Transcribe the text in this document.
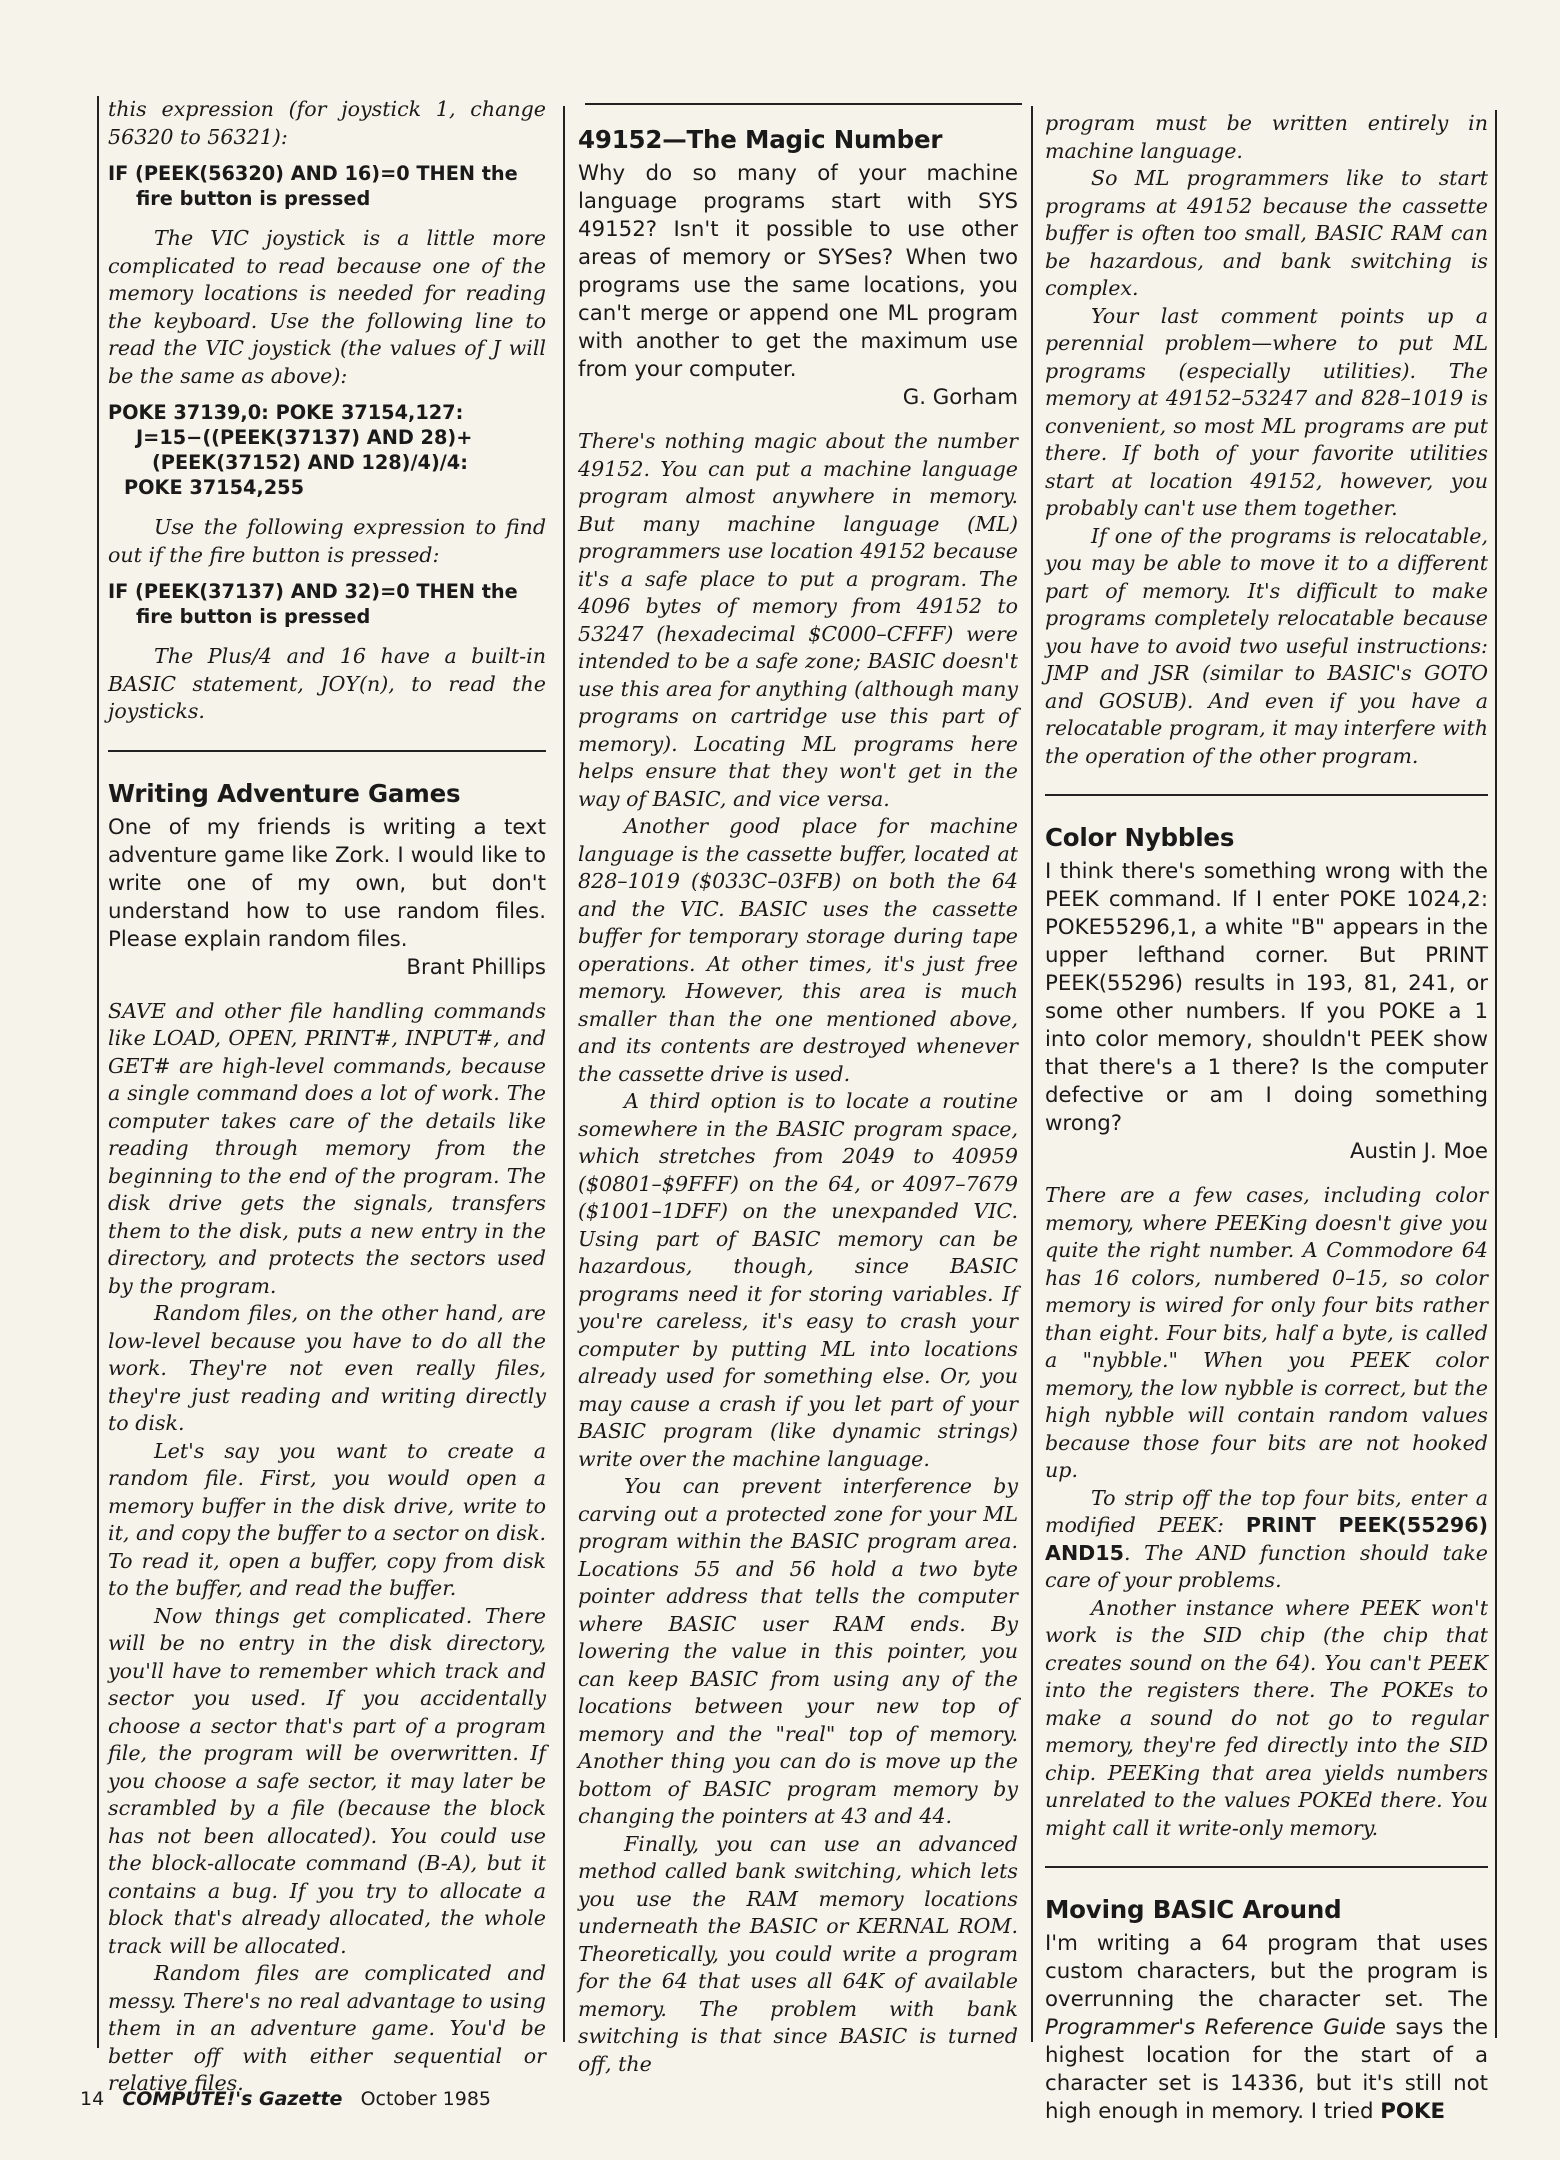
this expression (for joystick 1, change 56320 to 56321):

IF (PEEK(56320) AND 16)=0 THEN the fire button is pressed

The VIC joystick is a little more complicated to read because one of the memory locations is needed for reading the keyboard. Use the following line to read the VIC joystick (the values of J will be the same as above):

POKE 37139,0: POKE 37154,127:
J=15−((PEEK(37137) AND 28)+(PEEK(37152) AND 128)/4)/4:
POKE 37154,255

Use the following expression to find out if the fire button is pressed:

IF (PEEK(37137) AND 32)=0 THEN the fire button is pressed

The Plus/4 and 16 have a built-in BASIC statement, JOY(n), to read the joysticks.

Writing Adventure Games

One of my friends is writing a text adventure game like Zork. I would like to write one of my own, but don't understand how to use random files. Please explain random files.

Brant Phillips

SAVE and other file handling commands like LOAD, OPEN, PRINT#, INPUT#, and GET# are high-level commands, because a single command does a lot of work. The computer takes care of the details like reading through memory from the beginning to the end of the program. The disk drive gets the signals, transfers them to the disk, puts a new entry in the directory, and protects the sectors used by the program.

Random files, on the other hand, are low-level because you have to do all the work. They're not even really files, they're just reading and writing directly to disk.

Let's say you want to create a random file. First, you would open a memory buffer in the disk drive, write to it, and copy the buffer to a sector on disk. To read it, open a buffer, copy from disk to the buffer, and read the buffer.

Now things get complicated. There will be no entry in the disk directory, you'll have to remember which track and sector you used. If you accidentally choose a sector that's part of a program file, the program will be overwritten. If you choose a safe sector, it may later be scrambled by a file (because the block has not been allocated). You could use the block-allocate command (B-A), but it contains a bug. If you try to allocate a block that's already allocated, the whole track will be allocated.

Random files are complicated and messy. There's no real advantage to using them in an adventure game. You'd be better off with either sequential or relative files.

49152—The Magic Number

Why do so many of your machine language programs start with SYS 49152? Isn't it possible to use other areas of memory or SYSes? When two programs use the same locations, you can't merge or append one ML program with another to get the maximum use from your computer.

G. Gorham

There's nothing magic about the number 49152. You can put a machine language program almost anywhere in memory. But many machine language (ML) programmers use location 49152 because it's a safe place to put a program. The 4096 bytes of memory from 49152 to 53247 (hexadecimal $C000–CFFF) were intended to be a safe zone; BASIC doesn't use this area for anything (although many programs on cartridge use this part of memory). Locating ML programs here helps ensure that they won't get in the way of BASIC, and vice versa.

Another good place for machine language is the cassette buffer, located at 828–1019 ($033C–03FB) on both the 64 and the VIC. BASIC uses the cassette buffer for temporary storage during tape operations. At other times, it's just free memory. However, this area is much smaller than the one mentioned above, and its contents are destroyed whenever the cassette drive is used.

A third option is to locate a routine somewhere in the BASIC program space, which stretches from 2049 to 40959 ($0801–$9FFF) on the 64, or 4097–7679 ($1001–1DFF) on the unexpanded VIC. Using part of BASIC memory can be hazardous, though, since BASIC programs need it for storing variables. If you're careless, it's easy to crash your computer by putting ML into locations already used for something else. Or, you may cause a crash if you let part of your BASIC program (like dynamic strings) write over the machine language.

You can prevent interference by carving out a protected zone for your ML program within the BASIC program area. Locations 55 and 56 hold a two byte pointer address that tells the computer where BASIC user RAM ends. By lowering the value in this pointer, you can keep BASIC from using any of the locations between your new top of memory and the "real" top of memory. Another thing you can do is move up the bottom of BASIC program memory by changing the pointers at 43 and 44.

Finally, you can use an advanced method called bank switching, which lets you use the RAM memory locations underneath the BASIC or KERNAL ROM. Theoretically, you could write a program for the 64 that uses all 64K of available memory. The problem with bank switching is that since BASIC is turned off, the

program must be written entirely in machine language.

So ML programmers like to start programs at 49152 because the cassette buffer is often too small, BASIC RAM can be hazardous, and bank switching is complex.

Your last comment points up a perennial problem—where to put ML programs (especially utilities). The memory at 49152–53247 and 828–1019 is convenient, so most ML programs are put there. If both of your favorite utilities start at location 49152, however, you probably can't use them together.

If one of the programs is relocatable, you may be able to move it to a different part of memory. It's difficult to make programs completely relocatable because you have to avoid two useful instructions: JMP and JSR (similar to BASIC's GOTO and GOSUB). And even if you have a relocatable program, it may interfere with the operation of the other program.

Color Nybbles

I think there's something wrong with the PEEK command. If I enter POKE 1024,2: POKE55296,1, a white "B" appears in the upper lefthand corner. But PRINT PEEK(55296) results in 193, 81, 241, or some other numbers. If you POKE a 1 into color memory, shouldn't PEEK show that there's a 1 there? Is the computer defective or am I doing something wrong?

Austin J. Moe

There are a few cases, including color memory, where PEEKing doesn't give you quite the right number. A Commodore 64 has 16 colors, numbered 0–15, so color memory is wired for only four bits rather than eight. Four bits, half a byte, is called a "nybble." When you PEEK color memory, the low nybble is correct, but the high nybble will contain random values because those four bits are not hooked up.

To strip off the top four bits, enter a modified PEEK: PRINT PEEK(55296) AND15. The AND function should take care of your problems.

Another instance where PEEK won't work is the SID chip (the chip that creates sound on the 64). You can't PEEK into the registers there. The POKEs to make a sound do not go to regular memory, they're fed directly into the SID chip. PEEKing that area yields numbers unrelated to the values POKEd there. You might call it write-only memory.

Moving BASIC Around

I'm writing a 64 program that uses custom characters, but the program is overrunning the character set. The Programmer's Reference Guide says the highest location for the start of a character set is 14336, but it's still not high enough in memory. I tried POKE

14 COMPUTE!'s Gazette October 1985
